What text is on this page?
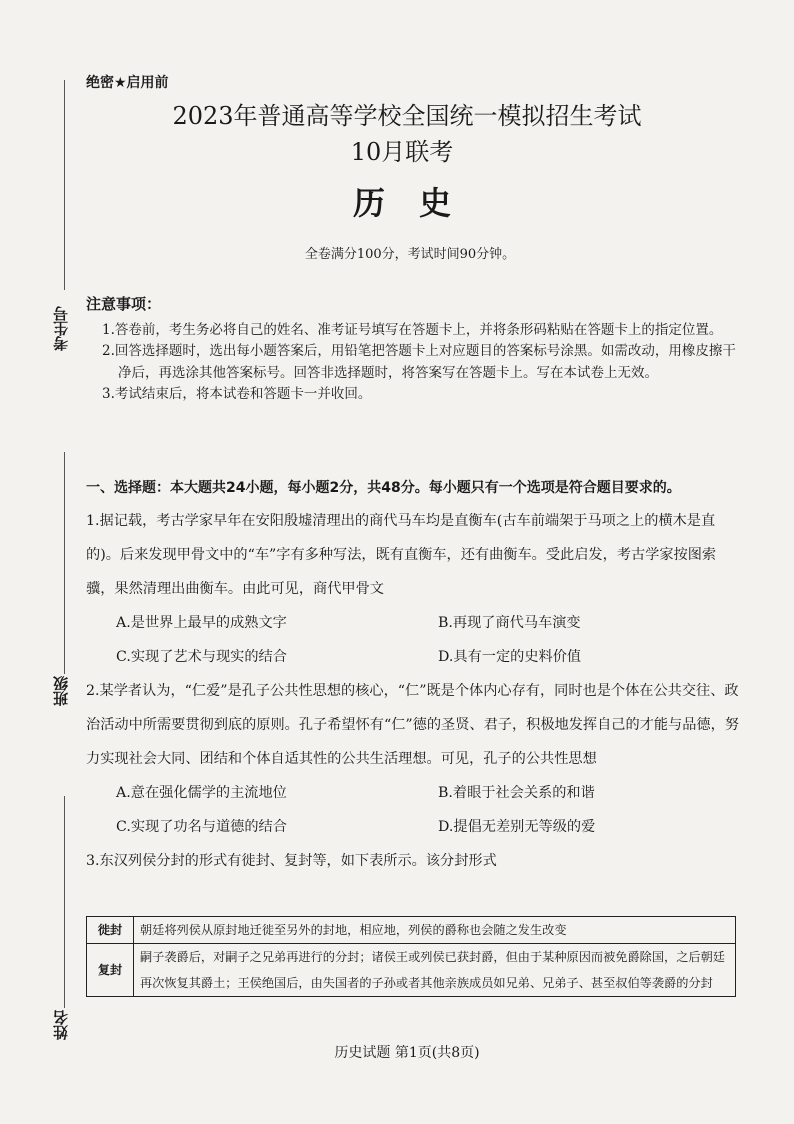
考生号
班级
姓名
绝密★启用前
2023年普通高等学校全国统一模拟招生考试
10月联考
历史
全卷满分100分，考试时间90分钟。
注意事项：
1.答卷前，考生务必将自己的姓名、准考证号填写在答题卡上，并将条形码粘贴在答题卡上的指定位置。
2.回答选择题时，选出每小题答案后，用铅笔把答题卡上对应题目的答案标号涂黑。如需改动，用橡皮擦干净后，再选涂其他答案标号。回答非选择题时，将答案写在答题卡上。写在本试卷上无效。
3.考试结束后，将本试卷和答题卡一并收回。
一、选择题：本大题共24小题，每小题2分，共48分。每小题只有一个选项是符合题目要求的。

1.据记载，考古学家早年在安阳殷墟清理出的商代马车均是直衡车(古车前端架于马项之上的横木是直的)。后来发现甲骨文中的“车”字有多种写法，既有直衡车，还有曲衡车。受此启发，考古学家按图索骥，果然清理出曲衡车。由此可见，商代甲骨文

A.是世界上最早的成熟文字	B.再现了商代马车演变
C.实现了艺术与现实的结合	D.具有一定的史料价值

2.某学者认为，“仁爱”是孔子公共性思想的核心，“仁”既是个体内心存有，同时也是个体在公共交往、政治活动中所需要贯彻到底的原则。孔子希望怀有“仁”德的圣贤、君子，积极地发挥自己的才能与品德，努力实现社会大同、团结和个体自适其性的公共生活理想。可见，孔子的公共性思想

A.意在强化儒学的主流地位	B.着眼于社会关系的和谐
C.实现了功名与道德的结合	D.提倡无差别无等级的爱

3.东汉列侯分封的形式有徙封、复封等，如下表所示。该分封形式

徙封	朝廷将列侯从原封地迁徙至另外的封地，相应地，列侯的爵称也会随之发生改变
复封	嗣子袭爵后，对嗣子之兄弟再进行的分封；诸侯王或列侯已获封爵，但由于某种原因而被免爵除国，之后朝廷再次恢复其爵土；王侯绝国后，由失国者的子孙或者其他亲族成员如兄弟、兄弟子、甚至叔伯等袭爵的分封
历史试题 第1页(共8页)
